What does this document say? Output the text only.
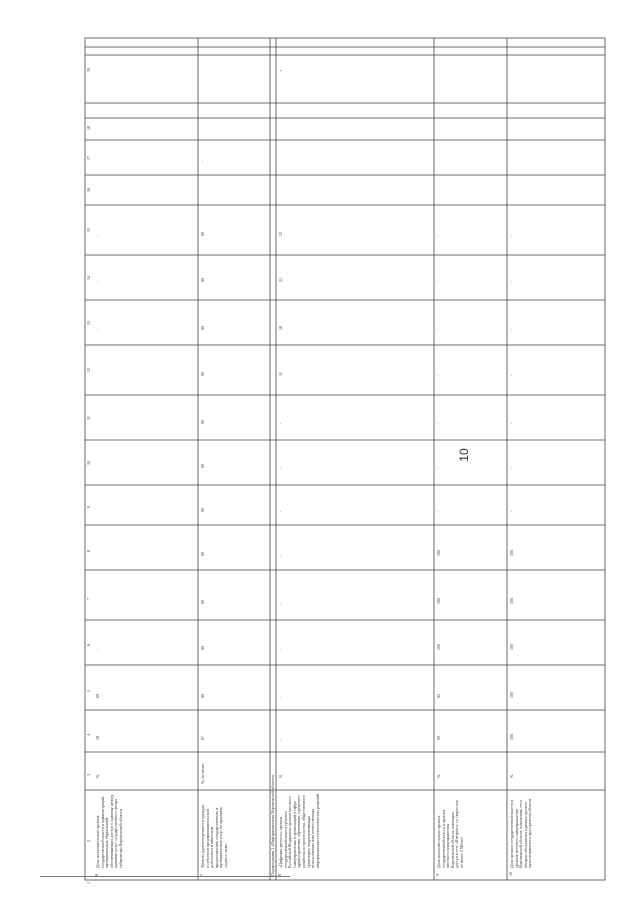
10
1
2
3
4
5
6
7
8
9
10
11
12
13
14
15
16
17
18
19
Подпрограмма 3 «Информационная Воронежской области»
6
Доля исполнительных органов государственной власти и администраций муниципальных образований, обеспечивающих доступ к единому центру оказания услуг государственного центра губернатора Воронежской области
%
58
69
-
-
-
-
7
Уровень удовлетворенности граждан и субъектов предпринимательской деятельности качеством предоставления государственных и муниципальных услуг по принципу «одного окна»
%, не менее
87
90
90
90
90
90
90
90
90
90
90
90
-
8
«Цифровая зрелость» органов государственной власти субъекта Российской Федерации, органов местного самоуправления и организаций в сфере здравоохранения, образования, городского хозяйства и строительства, общественного транспорта, подразумевающая использование ими отечественных информационно-технологических решений
%
-
-
-
-
-
-
-
-
11
18
21
12
+
9
Доля исполнительных органов государственной власти и органов местного самоуправления Воронежской области, имеющих доступ в сеть «Интернет» со скоростью не менее 2 Мбит/с
%
90
95
100
100
100
-
-
-
-
-
-
-
10
Доля органов государственной власти и органов местного самоуправления Воронежской области, показанные сети которых объединены в рамках единого мультисервисного пространства области
%
100
100
100
100
100
-
-
-
-
-
-
-
